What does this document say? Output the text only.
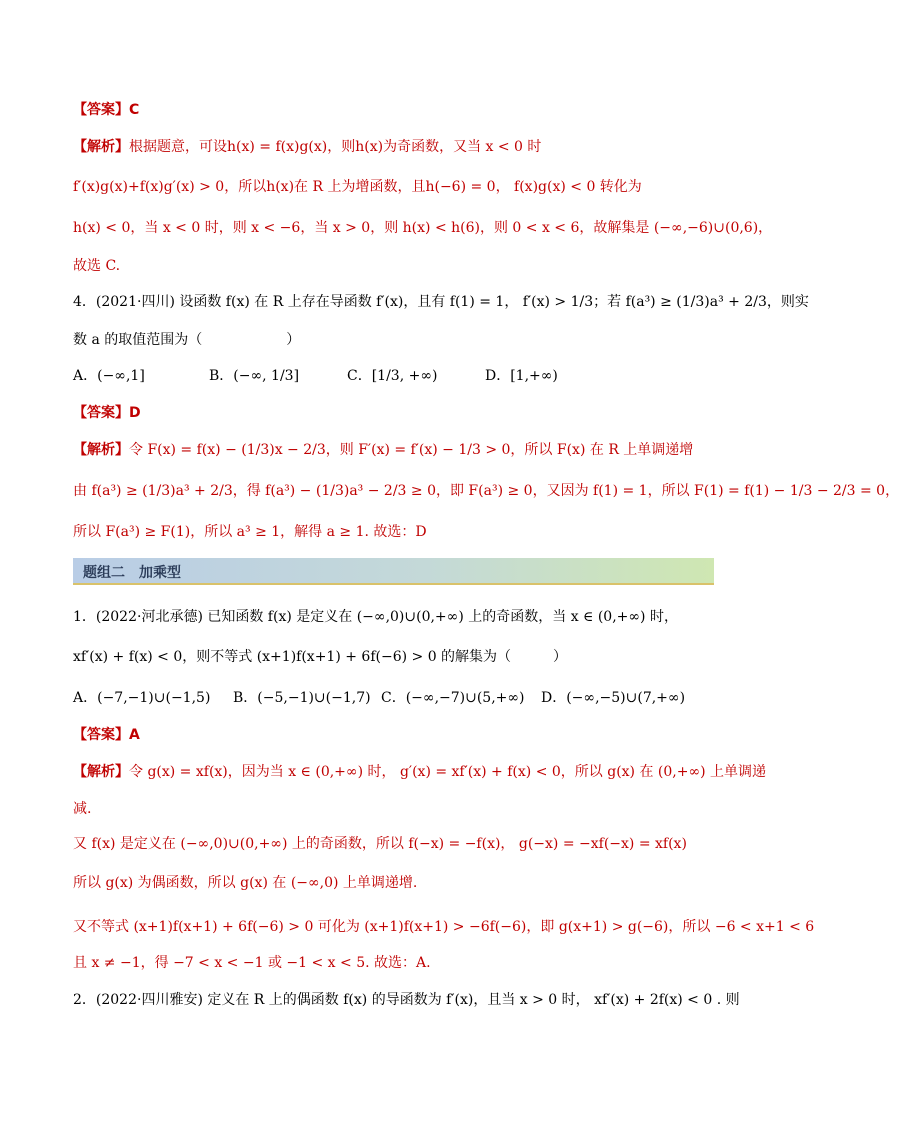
【答案】C
【解析】根据题意，可设h(x) = f(x)g(x)，则h(x)为奇函数，又当 x < 0 时
f′(x)g(x)+f(x)g′(x) > 0，所以h(x)在 R 上为增函数，且h(−6) = 0， f(x)g(x) < 0 转化为
h(x) < 0，当 x < 0 时，则 x < −6，当 x > 0，则 h(x) < h(6)，则 0 < x < 6，故解集是 (−∞,−6)∪(0,6)，
故选 C.
4．(2021·四川) 设函数 f(x) 在 R 上存在导函数 f′(x)，且有 f(1) = 1， f′(x) > 1/3；若 f(a³) ≥ (1/3)a³ + 2/3，则实
数 a 的取值范围为（　　　　　　）
A．(−∞,1]	B．(−∞, 1/3]	C．[1/3, +∞)	D．[1,+∞)
【答案】D
【解析】令 F(x) = f(x) − (1/3)x − 2/3，则 F′(x) = f′(x) − 1/3 > 0，所以 F(x) 在 R 上单调递增
由 f(a³) ≥ (1/3)a³ + 2/3，得 f(a³) − (1/3)a³ − 2/3 ≥ 0，即 F(a³) ≥ 0，又因为 f(1) = 1，所以 F(1) = f(1) − 1/3 − 2/3 = 0，
所以 F(a³) ≥ F(1)，所以 a³ ≥ 1，解得 a ≥ 1. 故选：D
题组二　加乘型
1．(2022·河北承德) 已知函数 f(x) 是定义在 (−∞,0)∪(0,+∞) 上的奇函数，当 x ∈ (0,+∞) 时，
xf′(x) + f(x) < 0，则不等式 (x+1)f(x+1) + 6f(−6) > 0 的解集为（　　　）
A．(−7,−1)∪(−1,5) B．(−5,−1)∪(−1,7) C．(−∞,−7)∪(5,+∞) D．(−∞,−5)∪(7,+∞)
【答案】A
【解析】令 g(x) = xf(x)，因为当 x ∈ (0,+∞) 时， g′(x) = xf′(x) + f(x) < 0，所以 g(x) 在 (0,+∞) 上单调递
减.
又 f(x) 是定义在 (−∞,0)∪(0,+∞) 上的奇函数，所以 f(−x) = −f(x)， g(−x) = −xf(−x) = xf(x)
所以 g(x) 为偶函数，所以 g(x) 在 (−∞,0) 上单调递增.
又不等式 (x+1)f(x+1) + 6f(−6) > 0 可化为 (x+1)f(x+1) > −6f(−6)，即 g(x+1) > g(−6)，所以 −6 < x+1 < 6
且 x ≠ −1，得 −7 < x < −1 或 −1 < x < 5. 故选：A.
2．(2022·四川雅安) 定义在 R 上的偶函数 f(x) 的导函数为 f′(x)，且当 x > 0 时， xf′(x) + 2f(x) < 0 . 则
